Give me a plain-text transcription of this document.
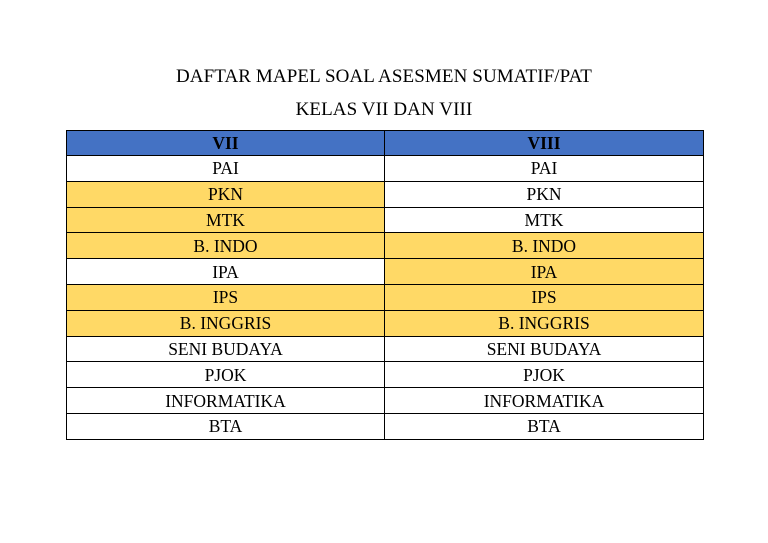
DAFTAR MAPEL SOAL ASESMEN SUMATIF/PAT
KELAS VII DAN VIII
VII	VIII
PAI	PAI
PKN	PKN
MTK	MTK
B. INDO	B. INDO
IPA	IPA
IPS	IPS
B. INGGRIS	B. INGGRIS
SENI BUDAYA	SENI BUDAYA
PJOK	PJOK
INFORMATIKA	INFORMATIKA
BTA	BTA
